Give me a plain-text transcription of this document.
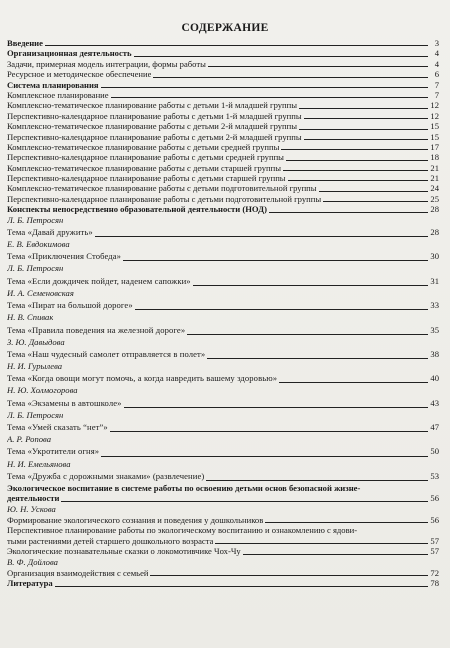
СОДЕРЖАНИЕ
Введение	3
Организационная деятельность	4
Задачи, примерная модель интеграции, формы работы	4
Ресурсное и методическое обеспечение	6
Система планирования	7
Комплексное планирование	7
Комплексно-тематическое планирование работы с детьми 1-й младшей группы	12
Перспективно-календарное планирование работы с детьми 1-й младшей группы	12
Комплексно-тематическое планирование работы с детьми 2-й младшей группы	15
Перспективно-календарное планирование работы с детьми 2-й младшей группы	15
Комплексно-тематическое планирование работы с детьми средней группы	17
Перспективно-календарное планирование работы с детьми средней группы	18
Комплексно-тематическое планирование работы с детьми старшей группы	21
Перспективно-календарное планирование работы с детьми старшей группы	21
Комплексно-тематическое планирование работы с детьми подготовительной группы	24
Перспективно-календарное планирование работы с детьми подготовительной группы	25
Конспекты непосредственно образовательной деятельности (НОД)	28
Л. Б. Петросян
Тема «Давай дружить»	28
Е. В. Евдокимова
Тема «Приключения Стобеда»	30
Л. Б. Петросян
Тема «Если дождичек пойдет, наденем сапожки»	31
И. А. Семеновская
Тема «Пират на большой дороге»	33
Н. В. Спивак
Тема «Правила поведения на железной дороге»	35
З. Ю. Давыдова
Тема «Наш чудесный самолет отправляется в полет»	38
Н. И. Гурылева
Тема «Когда овощи могут помочь, а когда навредить вашему здоровью»	40
Н. Ю. Холмогорова
Тема «Экзамены в автошколе»	43
Л. Б. Петросян
Тема «Умей сказать “нет”»	47
А. Р. Ропова
Тема «Укротители огня»	50
Н. И. Емельянова
Тема «Дружба с дорожными знаками» (развлечение)	53
Экологическое воспитание в системе работы по освоению детьми основ безопасной жизне-
деятельности	56
Ю. Н. Ускова
Формирование экологического сознания и поведения у дошкольников	56
Перспективное планирование работы по экологическому воспитанию и ознакомлению с ядови-
тыми растениями детей старшего дошкольного возраста	57
Экологические познавательные сказки о локомотивчике Чох-Чу	57
В. Ф. Дойлова
Организация взаимодействия с семьей	72
Литература	78
